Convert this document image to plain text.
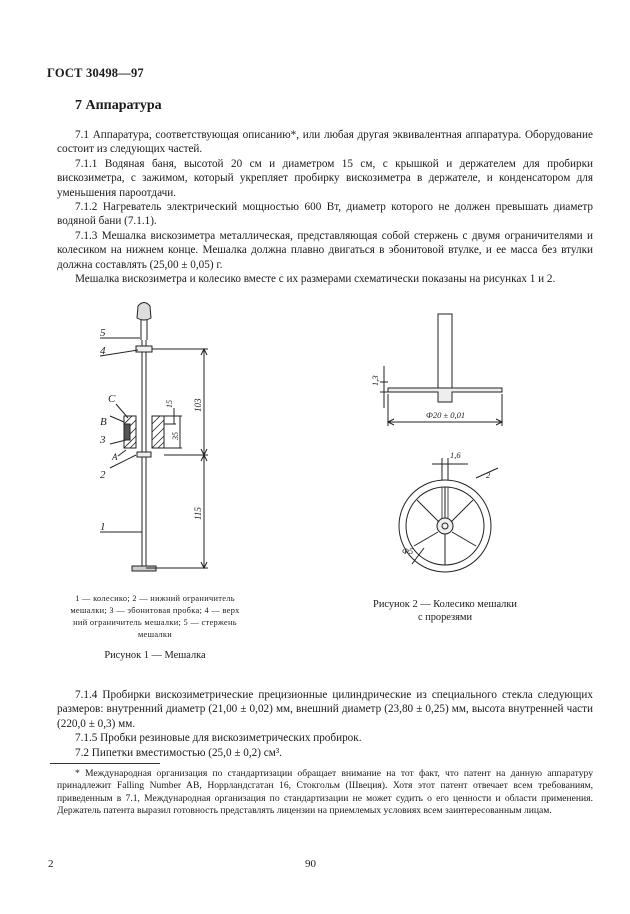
ГОСТ 30498—97
7 Аппаратура

7.1 Аппаратура, соответствующая описанию*, или любая другая эквивалентная аппаратура. Оборудование состоит из следующих частей.

7.1.1 Водяная баня, высотой 20 см и диаметром 15 см, с крышкой и держателем для пробирки вискозиметра, с зажимом, который укрепляет пробирку вискозиметра в держателе, и конденсатором для уменьшения пароотдачи.

7.1.2 Нагреватель электрический мощностью 600 Вт, диаметр которого не должен превышать диаметр водяной бани (7.1.1).

7.1.3 Мешалка вискозиметра металлическая, представляющая собой стержень с двумя ограничителями и колесиком на нижнем конце. Мешалка должна плавно двигаться в эбонитовой втулке, и ее масса без втулки должна составлять (25,00 ± 0,05) г.

Мешалка вискозиметра и колесико вместе с их размерами схематически показаны на рисунках 1 и 2.

5
4
С
В
3
2
А
1
103
15
35
115
1 — колесико; 2 — нижний ограничитель
мешалки; 3 — эбонитовая пробка; 4 — верх
ний ограничитель мешалки; 5 — стержень
мешалки
Рисунок 1 — Мешалка
1,3
Ф20 ± 0,01
1,6
2
Ф5
Рисунок 2 — Колесико мешалки
с прорезями

7.1.4 Пробирки вискозиметрические прецизионные цилиндрические из специального стекла следующих размеров: внутренний диаметр (21,00 ± 0,02) мм, внешний диаметр (23,80 ± 0,25) мм, высота внутренней части (220,0 ± 0,3) мм.

7.1.5 Пробки резиновые для вискозиметрических пробирок.

7.2 Пипетки вместимостью (25,0 ± 0,2) см³.

* Международная организация по стандартизации обращает внимание на тот факт, что патент на данную аппаратуру принадлежит Falling Number AB, Норрландсгатан 16, Стокгольм (Швеция). Хотя этот патент отвечает всем требованиям, приведенным в 7.1, Международная организация по стандартизации не может судить о его ценности и области применения. Держатель патента выразил готовность представлять лицензии на приемлемых условиях всем заинтересованным лицам.

2	90
